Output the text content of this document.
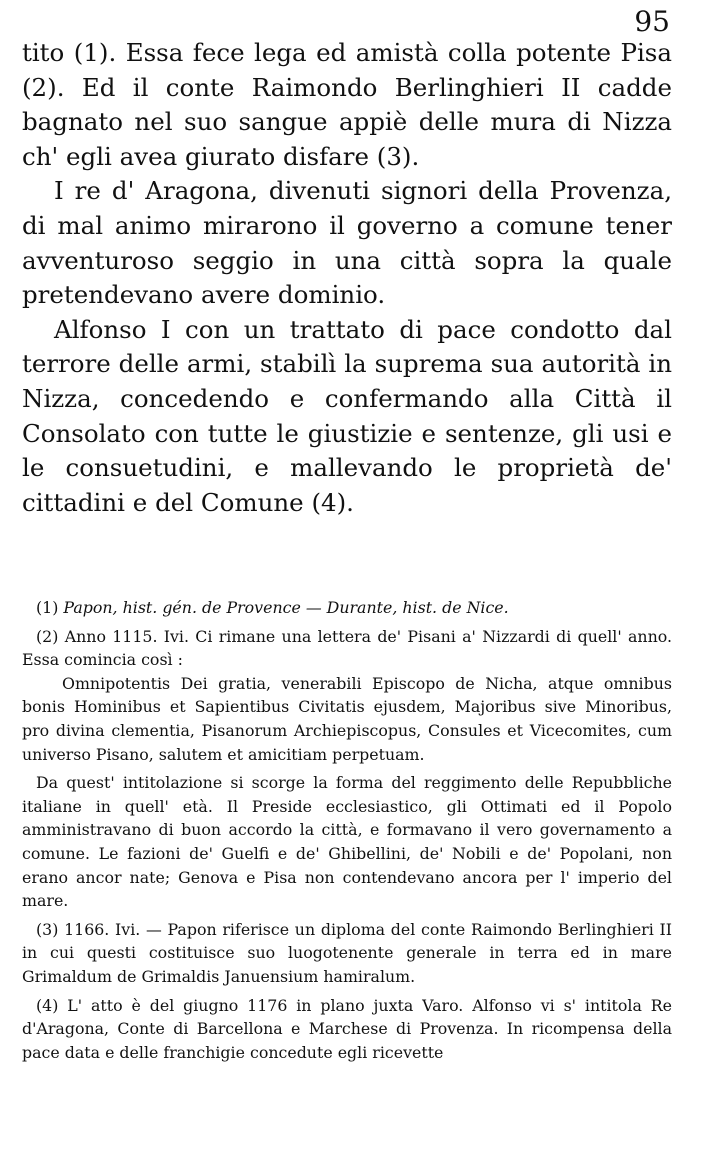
95

tito (1). Essa fece lega ed amistà colla potente Pisa (2). Ed il conte Raimondo Berlinghieri II cadde bagnato nel suo sangue appiè delle mura di Nizza ch' egli avea giurato disfare (3).

I re d' Aragona, divenuti signori della Provenza, di mal animo mirarono il governo a comune tener avventuroso seggio in una città sopra la quale pretendevano avere dominio.

Alfonso I con un trattato di pace condotto dal terrore delle armi, stabilì la suprema sua autorità in Nizza, concedendo e confermando alla Città il Consolato con tutte le giustizie e sentenze, gli usi e le consuetudini, e mallevando le proprietà de' cittadini e del Comune (4).

(1) Papon, hist. gén. de Provence — Durante, hist. de Nice.

(2) Anno 1115. Ivi. Ci rimane una lettera de' Pisani a' Nizzardi di quell' anno. Essa comincia così :

Omnipotentis Dei gratia, venerabili Episcopo de Nicha, atque omnibus bonis Hominibus et Sapientibus Civitatis ejusdem, Majoribus sive Minoribus, pro divina clementia, Pisanorum Archiepiscopus, Consules et Vicecomites, cum universo Pisano, salutem et amicitiam perpetuam.

Da quest' intitolazione si scorge la forma del reggimento delle Repubbliche italiane in quell' età. Il Preside ecclesiastico, gli Ottimati ed il Popolo amministravano di buon accordo la città, e formavano il vero governamento a comune. Le fazioni de' Guelfi e de' Ghibellini, de' Nobili e de' Popolani, non erano ancor nate; Genova e Pisa non contendevano ancora per l' imperio del mare.

(3) 1166. Ivi. — Papon riferisce un diploma del conte Raimondo Berlinghieri II in cui questi costituisce suo luogotenente generale in terra ed in mare Grimaldum de Grimaldis Januensium hamiralum.

(4) L' atto è del giugno 1176 in plano juxta Varo. Alfonso vi s' intitola Re d'Aragona, Conte di Barcellona e Marchese di Provenza. In ricompensa della pace data e delle franchigie concedute egli ricevette
